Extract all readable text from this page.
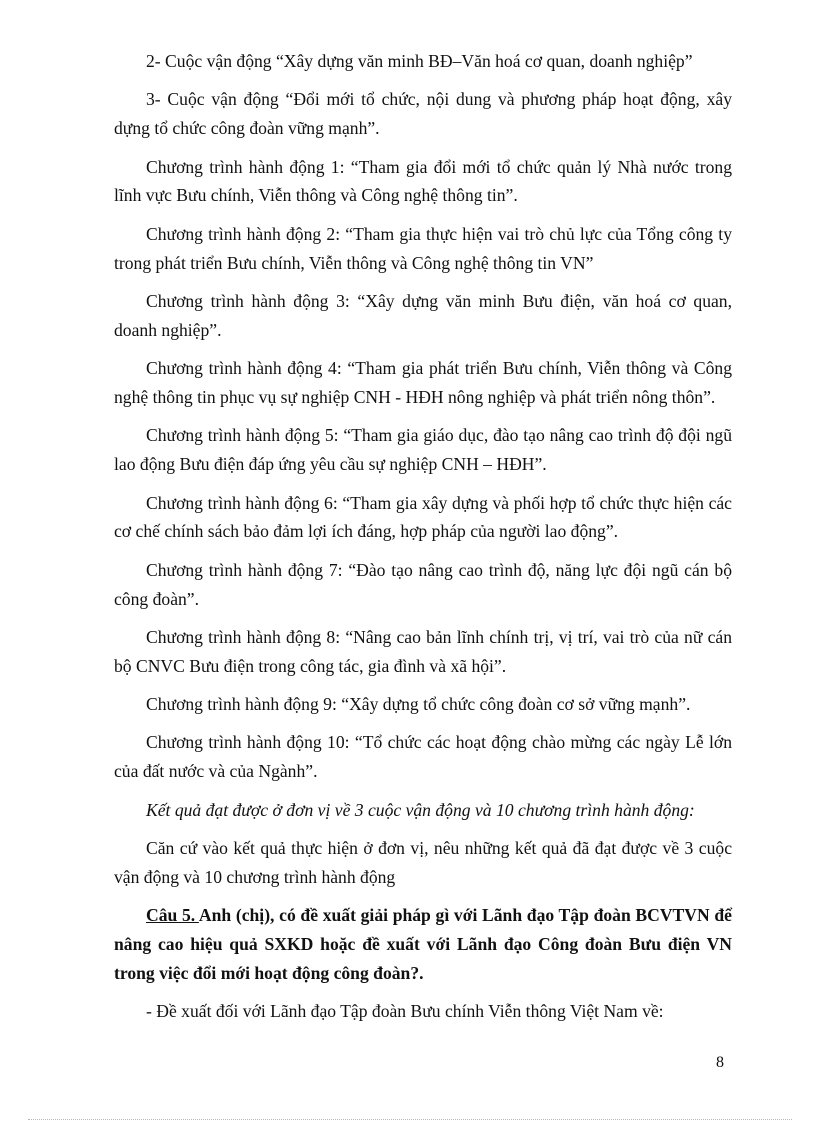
2- Cuộc vận động “Xây dựng văn minh BĐ–Văn hoá cơ quan, doanh nghiệp”

3- Cuộc vận động “Đổi mới tổ chức, nội dung và phương pháp hoạt động, xây dựng tổ chức công đoàn vững mạnh”.

Chương trình hành động 1: “Tham gia đổi mới tổ chức quản lý Nhà nước trong lĩnh vực Bưu chính, Viễn thông và Công nghệ thông tin”.

Chương trình hành động 2: “Tham gia thực hiện vai trò chủ lực của Tổng công ty trong phát triển Bưu chính, Viễn thông và Công nghệ thông tin VN”

Chương trình hành động 3: “Xây dựng văn minh Bưu điện, văn hoá cơ quan, doanh nghiệp”.

Chương trình hành động 4: “Tham gia phát triển Bưu chính, Viễn thông và Công nghệ thông tin phục vụ sự nghiệp CNH - HĐH nông nghiệp và phát triển nông thôn”.

Chương trình hành động 5: “Tham gia giáo dục, đào tạo nâng cao trình độ đội ngũ lao động Bưu điện đáp ứng yêu cầu sự nghiệp CNH – HĐH”.

Chương trình hành động 6: “Tham gia xây dựng và phối hợp tổ chức thực hiện các cơ chế chính sách bảo đảm lợi ích đáng, hợp pháp của người lao động”.

Chương trình hành động 7: “Đào tạo nâng cao trình độ, năng lực đội ngũ cán bộ công đoàn”.

Chương trình hành động 8: “Nâng cao bản lĩnh chính trị, vị trí, vai trò của nữ cán bộ CNVC Bưu điện trong công tác, gia đình và xã hội”.

Chương trình hành động 9: “Xây dựng tổ chức công đoàn cơ sở vững mạnh”.

Chương trình hành động 10: “Tổ chức các hoạt động chào mừng các ngày Lễ lớn của đất nước và của Ngành”.

Kết quả đạt được ở đơn vị về 3 cuộc vận động và 10 chương trình hành động:

Căn cứ vào kết quả thực hiện ở đơn vị, nêu những kết quả đã đạt được về 3 cuộc vận động và 10 chương trình hành động

Câu 5. Anh (chị), có đề xuất giải pháp gì với Lãnh đạo Tập đoàn BCVTVN để nâng cao hiệu quả SXKD hoặc đề xuất với Lãnh đạo Công đoàn Bưu điện VN trong việc đổi mới hoạt động công đoàn?.

- Đề xuất đối với Lãnh đạo Tập đoàn Bưu chính Viễn thông Việt Nam về:

8
